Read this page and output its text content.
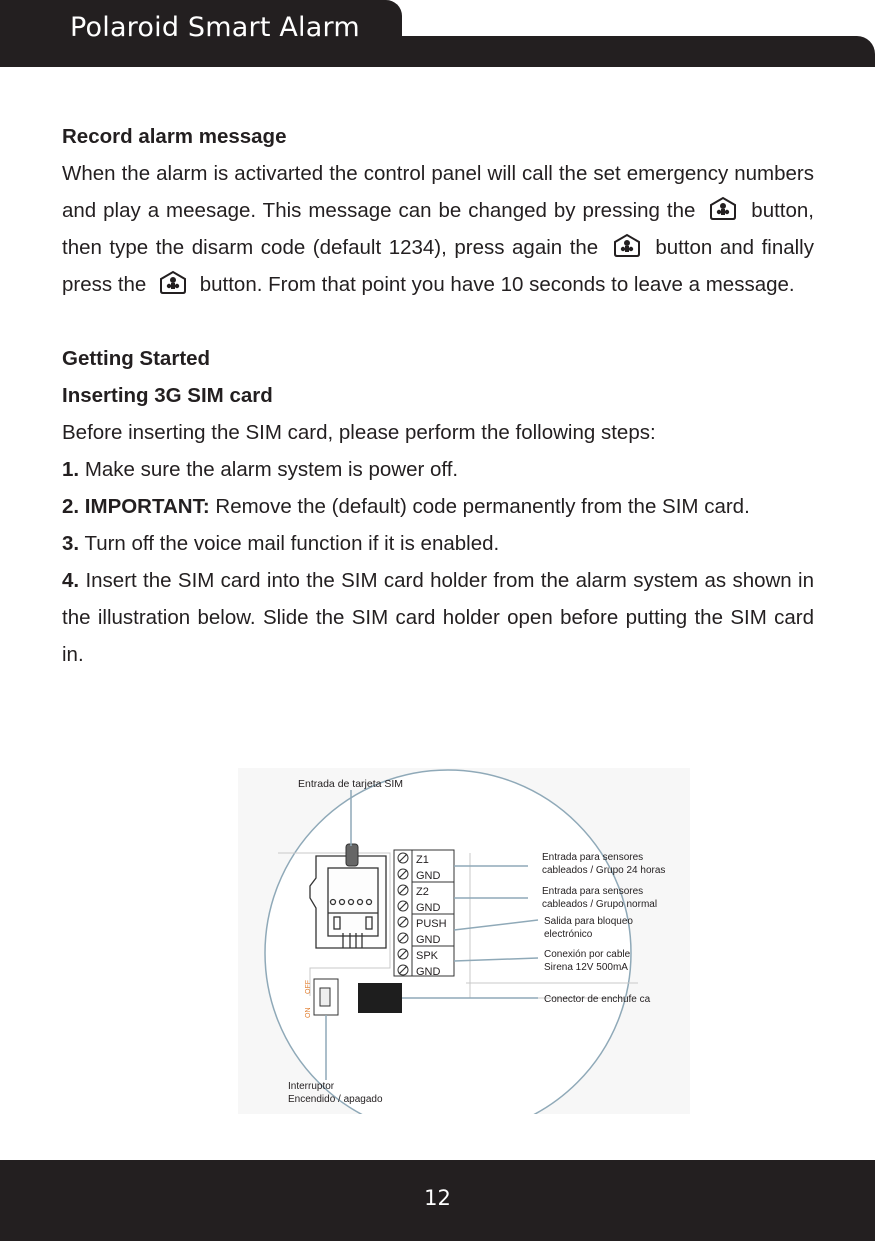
Polaroid Smart Alarm

Record alarm message

When the alarm is activarted the control panel will call the set emergency numbers and play a meesage. This message can be changed by pressing the	button, then type the disarm code (default 1234), press again the	button and finally press the	button. From that point you have 10 seconds to leave a message.

Getting Started

Inserting 3G SIM card

Before inserting the SIM card, please perform the following steps:

1. Make sure the alarm system is power off.

2. IMPORTANT: Remove the (default) code permanently from the SIM card.

3. Turn off the voice mail function if it is enabled.

4. Insert the SIM card into the SIM card holder from the alarm system as shown in the illustration below. Slide the SIM card holder open before putting the SIM card in.

Entrada de tarjeta SIM
Z1
GND
Z2
GND
PUSH
GND
SPK
GND
Entrada para sensores
cableados / Grupo 24 horas
Entrada para sensores
cableados / Grupo normal
Salida para bloqueo
electrónico
Conexión por cable
Sirena 12V 500mA
Conector de enchufe ca
OFF
ON
Interruptor
Encendido / apagado
12
